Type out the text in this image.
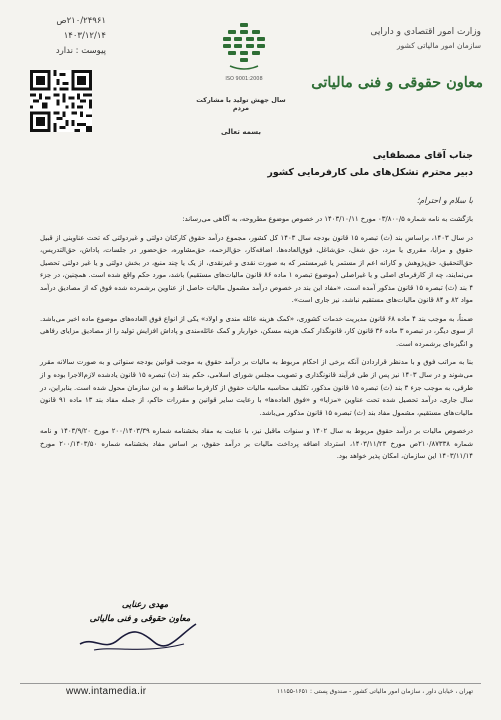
۲۱۰/۲۴۹۶۱ص
۱۴۰۳/۱۲/۱۴
پیوست : ندارد
ISO 9001:2008
وزارت امور اقتصادی و دارایی
سازمان امور مالیاتی کشور
معاون حقوقی و فنی مالیاتی
سال جهش تولید با مشارکت مردم
بسمه تعالی
جناب آقای مصطفایی
دبیر محترم تشکل‌های ملی کارفرمایی کشور
با سلام و احترام؛

بازگشت به نامه شماره ۰۳/۸۰۰/۵ مورخ ۱۴۰۳/۱۰/۱۱ در خصوص موضوع مطروحه، به آگاهی می‌رساند:

در سال ۱۴۰۳، براساس بند (ث) تبصره ۱۵ قانون بودجه سال ۱۴۰۳ کل کشور، مجموع درآمد حقوق کارکنان دولتی و غیردولتی که تحت عناوینی از قبیل حقوق و مزایا، مقرری یا مزد، حق شغل، حق‌شاغل، فوق‌العاده‌ها، اضافه‌کار، حق‌الزحمه، حق‌مشاوره، حق‌حضور در جلسات، پاداش، حق‌التدریس، حق‌التحقیق، حق‌پژوهش و کارانه اعم از مستمر یا غیرمستمر که به صورت نقدی و غیرنقدی، از یک یا چند منبع، در بخش دولتی و یا غیر دولتی تحصیل می‌نمایند، چه از کارفرمای اصلی و یا غیراصلی (موضوع تبصره ۱ ماده ۸۶ قانون مالیات‌های مستقیم) باشد، مورد حکم واقع شده است. همچنین، در جزء ۴ بند (ث) تبصره ۱۵ قانون مذکور آمده است، «مفاد این بند در خصوص درآمد مشمول مالیات حاصل از عناوین برشمرده شده فوق که از مصادیق درآمد مواد ۸۲ و ۸۴ قانون مالیات‌های مستقیم نباشد، نیز جاری است».

ضمناً، به موجب بند ۴ ماده ۶۸ قانون مدیریت خدمات کشوری، «کمک هزینه عائله مندی و اولاد» یکی از انواع فوق العاده‌های موضوع ماده اخیر می‌باشد. از سوی دیگر، در تبصره ۳ ماده ۳۶ قانون کار، قانونگذار کمک هزینه مسکن، خواربار و کمک عائله‌مندی و پاداش افزایش تولید را از مصادیق مزایای رفاهی و انگیزه‌ای برشمرده است.

بنا به مراتب فوق و با مدنظر قراردادن آنکه برخی از احکام مربوط به مالیات بر درآمد حقوق به موجب قوانین بودجه سنواتی و به صورت سالانه مقرر می‌شوند و در سال ۱۴۰۳ نیز پس از طی فرآیند قانونگذاری و تصویب مجلس شورای اسلامی، حکم بند (ث) تبصره ۱۵ قانون یادشده لازم‌الاجرا بوده و از طرفی، به موجب جزء ۳ بند (ث) تبصره ۱۵ قانون مذکور، تکلیف محاسبه مالیات حقوق از کارفرما ساقط و به این سازمان محول شده است. بنابراین، در سال جاری، درآمد تحصیل شده تحت عناوین «مزایا» و «فوق العاده‌ها» با رعایت سایر قوانین و مقررات حاکم، از جمله مفاد بند ۱۳ ماده ۹۱ قانون مالیات‌های مستقیم، مشمول مفاد بند (ث) تبصره ۱۵ قانون مذکور می‌باشد.

درخصوص مالیات بر درآمد حقوق مربوط به سال ۱۴۰۲ و سنوات ماقبل نیز، با عنایت به مفاد بخشنامه شماره ۲۰۰/۱۴۰۳/۳۹ مورخ ۱۴۰۳/۹/۲۰ و نامه شماره ۲۱۰/۸۷۳۳۸ص مورخ ۱۴۰۳/۱۱/۲۳، استرداد اضافه پرداخت مالیات بر درآمد حقوق، بر اساس مفاد بخشنامه شماره ۲۰۰/۱۴۰۳/۵۰ مورخ ۱۴۰۳/۱۱/۱۴ این سازمان، امکان پذیر خواهد بود.

مهدی رعنایی
معاون حقوقی و فنی مالیاتی
www.intamedia.ir	تهران ، خیابان داور ، سازمان امور مالیاتی کشور - صندوق پستی : ۱۶۵۱-۱۱۱۵۵
